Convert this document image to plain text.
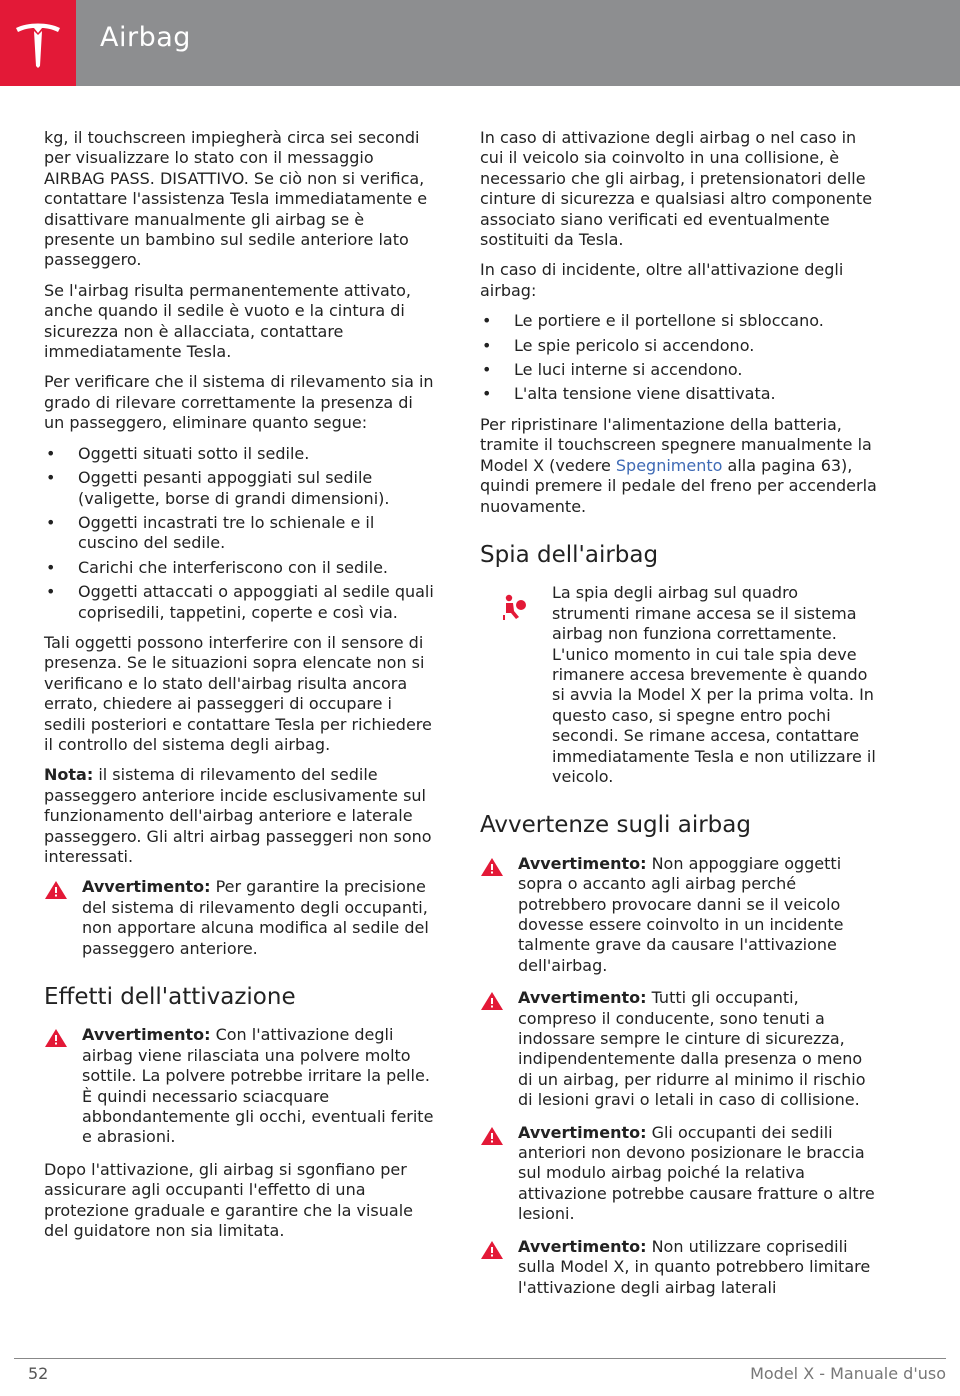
Airbag

kg, il touchscreen impiegherà circa sei secondi per visualizzare lo stato con il messaggio AIRBAG PASS. DISATTIVO. Se ciò non si verifica, contattare l'assistenza Tesla immediatamente e disattivare manualmente gli airbag se è presente un bambino sul sedile anteriore lato passeggero.

Se l'airbag risulta permanentemente attivato, anche quando il sedile è vuoto e la cintura di sicurezza non è allacciata, contattare immediatamente Tesla.

Per verificare che il sistema di rilevamento sia in grado di rilevare correttamente la presenza di un passeggero, eliminare quanto segue:

• Oggetti situati sotto il sedile.
• Oggetti pesanti appoggiati sul sedile (valigette, borse di grandi dimensioni).
• Oggetti incastrati tre lo schienale e il cuscino del sedile.
• Carichi che interferiscono con il sedile.
• Oggetti attaccati o appoggiati al sedile quali coprisedili, tappetini, coperte e così via.

Tali oggetti possono interferire con il sensore di presenza. Se le situazioni sopra elencate non si verificano e lo stato dell'airbag risulta ancora errato, chiedere ai passeggeri di occupare i sedili posteriori e contattare Tesla per richiedere il controllo del sistema degli airbag.

Nota: il sistema di rilevamento del sedile passeggero anteriore incide esclusivamente sul funzionamento dell'airbag anteriore e laterale passeggero. Gli altri airbag passeggeri non sono interessati.

Avvertimento: Per garantire la precisione del sistema di rilevamento degli occupanti, non apportare alcuna modifica al sedile del passeggero anteriore.
Effetti dell'attivazione
Avvertimento: Con l'attivazione degli airbag viene rilasciata una polvere molto sottile. La polvere potrebbe irritare la pelle. È quindi necessario sciacquare abbondantemente gli occhi, eventuali ferite e abrasioni.

Dopo l'attivazione, gli airbag si sgonfiano per assicurare agli occupanti l'effetto di una protezione graduale e garantire che la visuale del guidatore non sia limitata.

In caso di attivazione degli airbag o nel caso in cui il veicolo sia coinvolto in una collisione, è necessario che gli airbag, i pretensionatori delle cinture di sicurezza e qualsiasi altro componente associato siano verificati ed eventualmente sostituiti da Tesla.

In caso di incidente, oltre all'attivazione degli airbag:

• Le portiere e il portellone si sbloccano.
• Le spie pericolo si accendono.
• Le luci interne si accendono.
• L'alta tensione viene disattivata.

Per ripristinare l'alimentazione della batteria, tramite il touchscreen spegnere manualmente la Model X (vedere Spegnimento alla pagina 63), quindi premere il pedale del freno per accenderla nuovamente.

Spia dell'airbag
La spia degli airbag sul quadro strumenti rimane accesa se il sistema airbag non funziona correttamente. L'unico momento in cui tale spia deve rimanere accesa brevemente è quando si avvia la Model X per la prima volta. In questo caso, si spegne entro pochi secondi. Se rimane accesa, contattare immediatamente Tesla e non utilizzare il veicolo.
Avvertenze sugli airbag
Avvertimento: Non appoggiare oggetti sopra o accanto agli airbag perché potrebbero provocare danni se il veicolo dovesse essere coinvolto in un incidente talmente grave da causare l'attivazione dell'airbag.
Avvertimento: Tutti gli occupanti, compreso il conducente, sono tenuti a indossare sempre le cinture di sicurezza, indipendentemente dalla presenza o meno di un airbag, per ridurre al minimo il rischio di lesioni gravi o letali in caso di collisione.
Avvertimento: Gli occupanti dei sedili anteriori non devono posizionare le braccia sul modulo airbag poiché la relativa attivazione potrebbe causare fratture o altre lesioni.
Avvertimento: Non utilizzare coprisedili sulla Model X, in quanto potrebbero limitare l'attivazione degli airbag laterali
52	Model X - Manuale d'uso
